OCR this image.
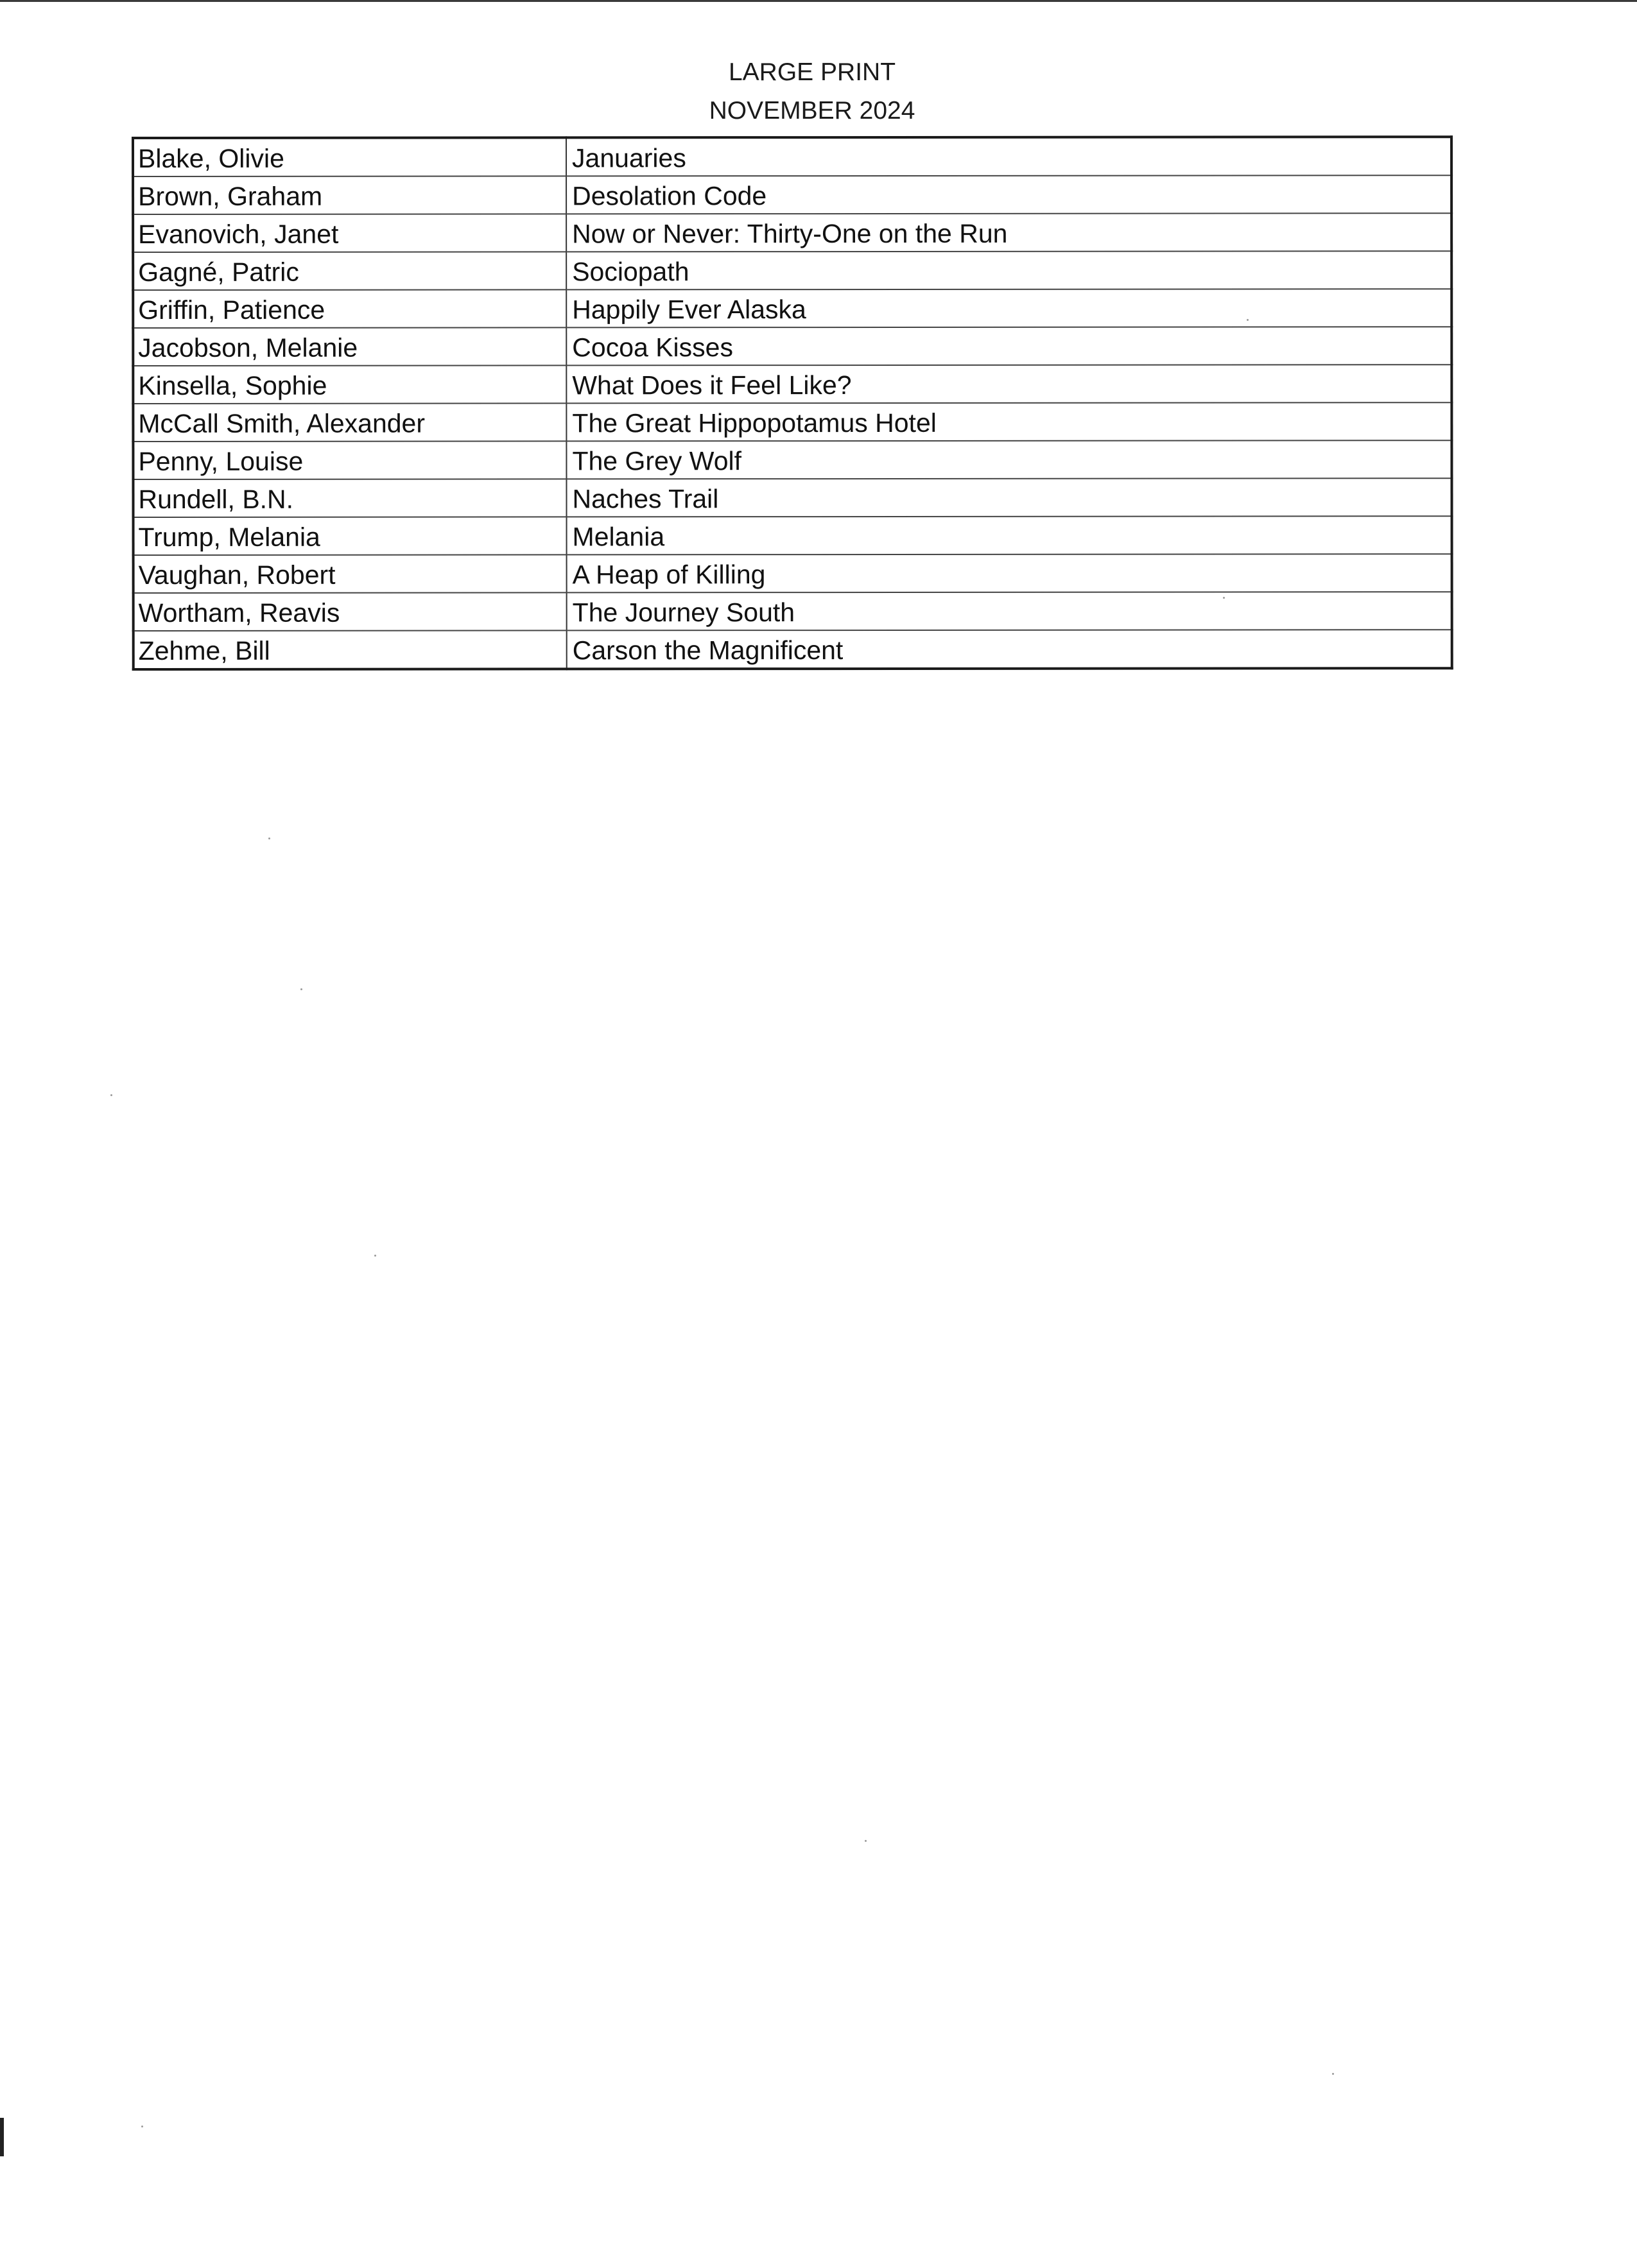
LARGE PRINT
NOVEMBER 2024
Blake, Olivie	Januaries
Brown, Graham	Desolation Code
Evanovich, Janet	Now or Never: Thirty-One on the Run
Gagné, Patric	Sociopath
Griffin, Patience	Happily Ever Alaska
Jacobson, Melanie	Cocoa Kisses
Kinsella, Sophie	What Does it Feel Like?
McCall Smith, Alexander	The Great Hippopotamus Hotel
Penny, Louise	The Grey Wolf
Rundell, B.N.	Naches Trail
Trump, Melania	Melania
Vaughan, Robert	A Heap of Killing
Wortham, Reavis	The Journey South
Zehme, Bill	Carson the Magnificent
